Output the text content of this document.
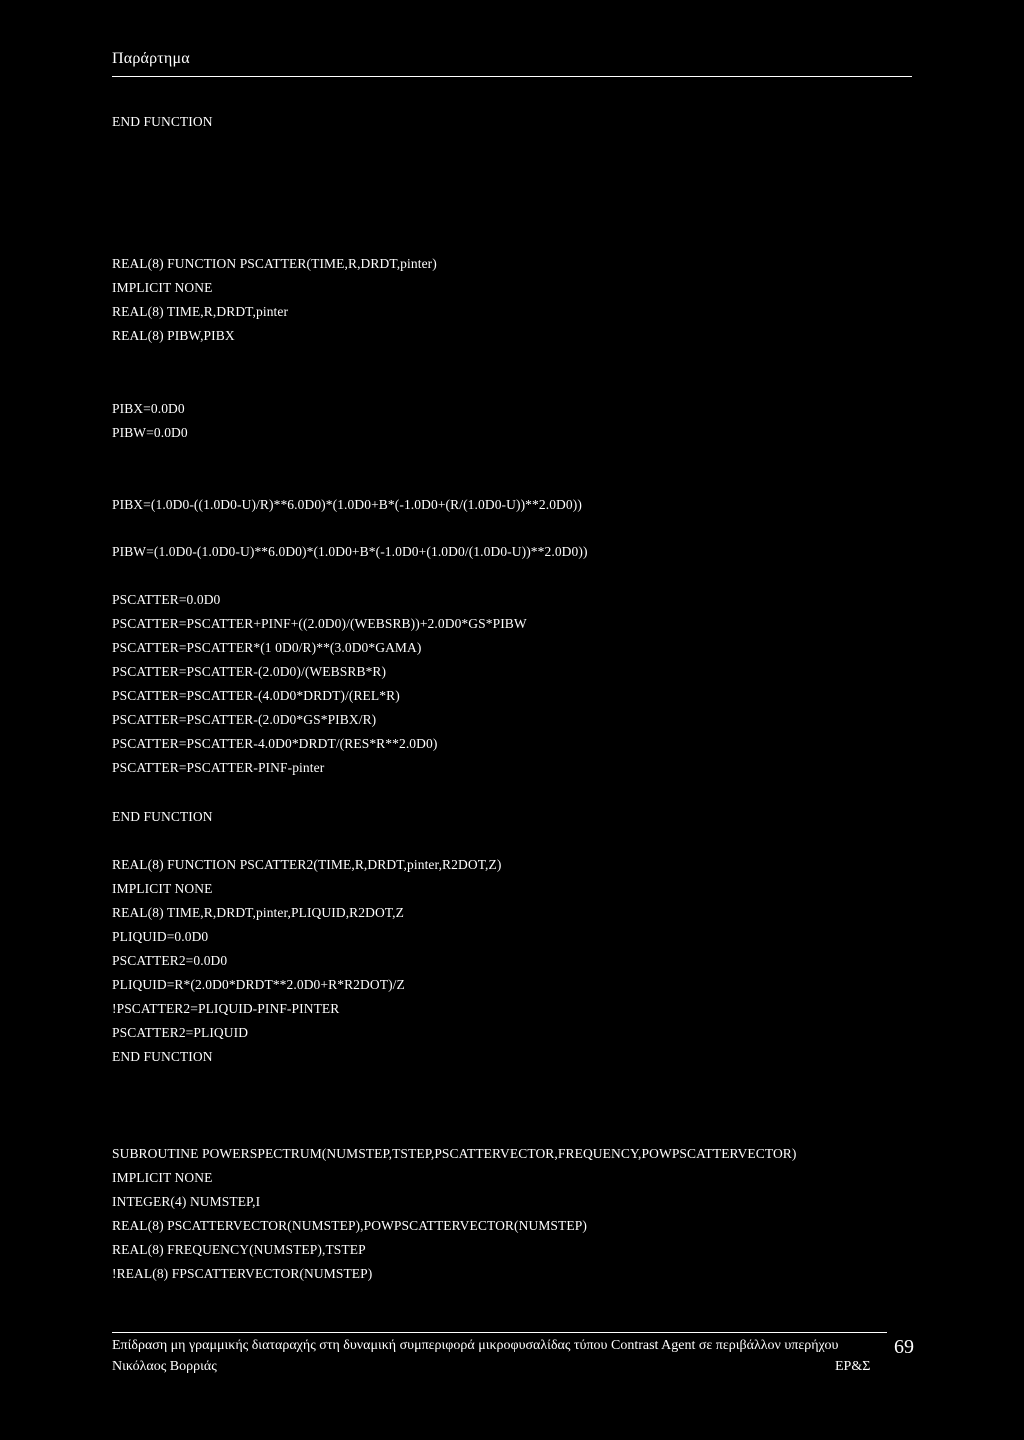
Παράρτημα
END FUNCTION
REAL(8) FUNCTION PSCATTER(TIME,R,DRDT,pinter)
IMPLICIT NONE
REAL(8) TIME,R,DRDT,pinter
REAL(8) PIBW,PIBX
PIBX=0.0D0
PIBW=0.0D0
PIBX=(1.0D0-((1.0D0-U)/R)**6.0D0)*(1.0D0+B*(-1.0D0+(R/(1.0D0-U))**2.0D0))
PIBW=(1.0D0-(1.0D0-U)**6.0D0)*(1.0D0+B*(-1.0D0+(1.0D0/(1.0D0-U))**2.0D0))
PSCATTER=0.0D0
PSCATTER=PSCATTER+PINF+((2.0D0)/(WEBSRB))+2.0D0*GS*PIBW
PSCATTER=PSCATTER*(1 0D0/R)**(3.0D0*GAMA)
PSCATTER=PSCATTER-(2.0D0)/(WEBSRB*R)
PSCATTER=PSCATTER-(4.0D0*DRDT)/(REL*R)
PSCATTER=PSCATTER-(2.0D0*GS*PIBX/R)
PSCATTER=PSCATTER-4.0D0*DRDT/(RES*R**2.0D0)
PSCATTER=PSCATTER-PINF-pinter
END FUNCTION
REAL(8) FUNCTION PSCATTER2(TIME,R,DRDT,pinter,R2DOT,Z)
IMPLICIT NONE
REAL(8) TIME,R,DRDT,pinter,PLIQUID,R2DOT,Z
PLIQUID=0.0D0
PSCATTER2=0.0D0
PLIQUID=R*(2.0D0*DRDT**2.0D0+R*R2DOT)/Z
!PSCATTER2=PLIQUID-PINF-PINTER
PSCATTER2=PLIQUID
END FUNCTION
SUBROUTINE POWERSPECTRUM(NUMSTEP,TSTEP,PSCATTERVECTOR,FREQUENCY,POWPSCATTERVECTOR)
IMPLICIT NONE
INTEGER(4) NUMSTEP,I
REAL(8) PSCATTERVECTOR(NUMSTEP),POWPSCATTERVECTOR(NUMSTEP)
REAL(8) FREQUENCY(NUMSTEP),TSTEP
!REAL(8) FPSCATTERVECTOR(NUMSTEP)
Επίδραση μη γραμμικής διαταραχής στη δυναμική συμπεριφορά μικροφυσαλίδας τύπου Contrast Agent σε περιβάλλον υπερήχου
Νικόλαος Βορριάς	ΕΡ&Σ
69
